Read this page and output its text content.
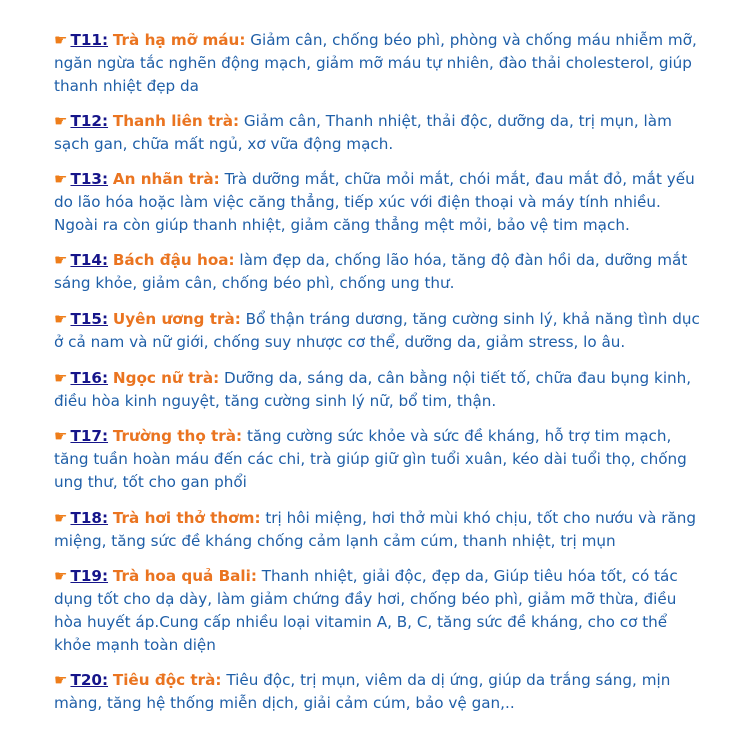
☛ T11: Trà hạ mỡ máu: Giảm cân, chống béo phì, phòng và chống máu nhiễm mỡ, ngăn ngừa tắc nghẽn động mạch, giảm mỡ máu tự nhiên, đào thải cholesterol, giúp thanh nhiệt đẹp da
☛ T12: Thanh liên trà: Giảm cân, Thanh nhiệt, thải độc, dưỡng da, trị mụn, làm sạch gan, chữa mất ngủ, xơ vữa động mạch.
☛ T13: An nhãn trà: Trà dưỡng mắt, chữa mỏi mắt, chói mắt, đau mắt đỏ, mắt yếu do lão hóa hoặc làm việc căng thẳng, tiếp xúc với điện thoại và máy tính nhiều. Ngoài ra còn giúp thanh nhiệt, giảm căng thẳng mệt mỏi, bảo vệ tim mạch.
☛ T14: Bách đậu hoa: làm đẹp da, chống lão hóa, tăng độ đàn hồi da, dưỡng mắt sáng khỏe, giảm cân, chống béo phì, chống ung thư.
☛ T15: Uyên ương trà: Bổ thận tráng dương, tăng cường sinh lý, khả năng tình dục ở cả nam và nữ giới, chống suy nhược cơ thể, dưỡng da, giảm stress, lo âu.
☛ T16: Ngọc nữ trà: Dưỡng da, sáng da, cân bằng nội tiết tố, chữa đau bụng kinh, điều hòa kinh nguyệt, tăng cường sinh lý nữ, bổ tim, thận.
☛ T17: Trường thọ trà: tăng cường sức khỏe và sức đề kháng, hỗ trợ tim mạch, tăng tuần hoàn máu đến các chi, trà giúp giữ gìn tuổi xuân, kéo dài tuổi thọ, chống ung thư, tốt cho gan phổi
☛ T18: Trà hơi thở thơm: trị hôi miệng, hơi thở mùi khó chịu, tốt cho nướu và răng miệng, tăng sức đề kháng chống cảm lạnh cảm cúm, thanh nhiệt, trị mụn
☛ T19: Trà hoa quả Bali: Thanh nhiệt, giải độc, đẹp da, Giúp tiêu hóa tốt, có tác dụng tốt cho dạ dày, làm giảm chứng đầy hơi, chống béo phì, giảm mỡ thừa, điều hòa huyết áp.Cung cấp nhiều loại vitamin A, B, C, tăng sức đề kháng, cho cơ thể khỏe mạnh toàn diện
☛ T20: Tiêu độc trà: Tiêu độc, trị mụn, viêm da dị ứng, giúp da trắng sáng, mịn màng, tăng hệ thống miễn dịch, giải cảm cúm, bảo vệ gan,..
